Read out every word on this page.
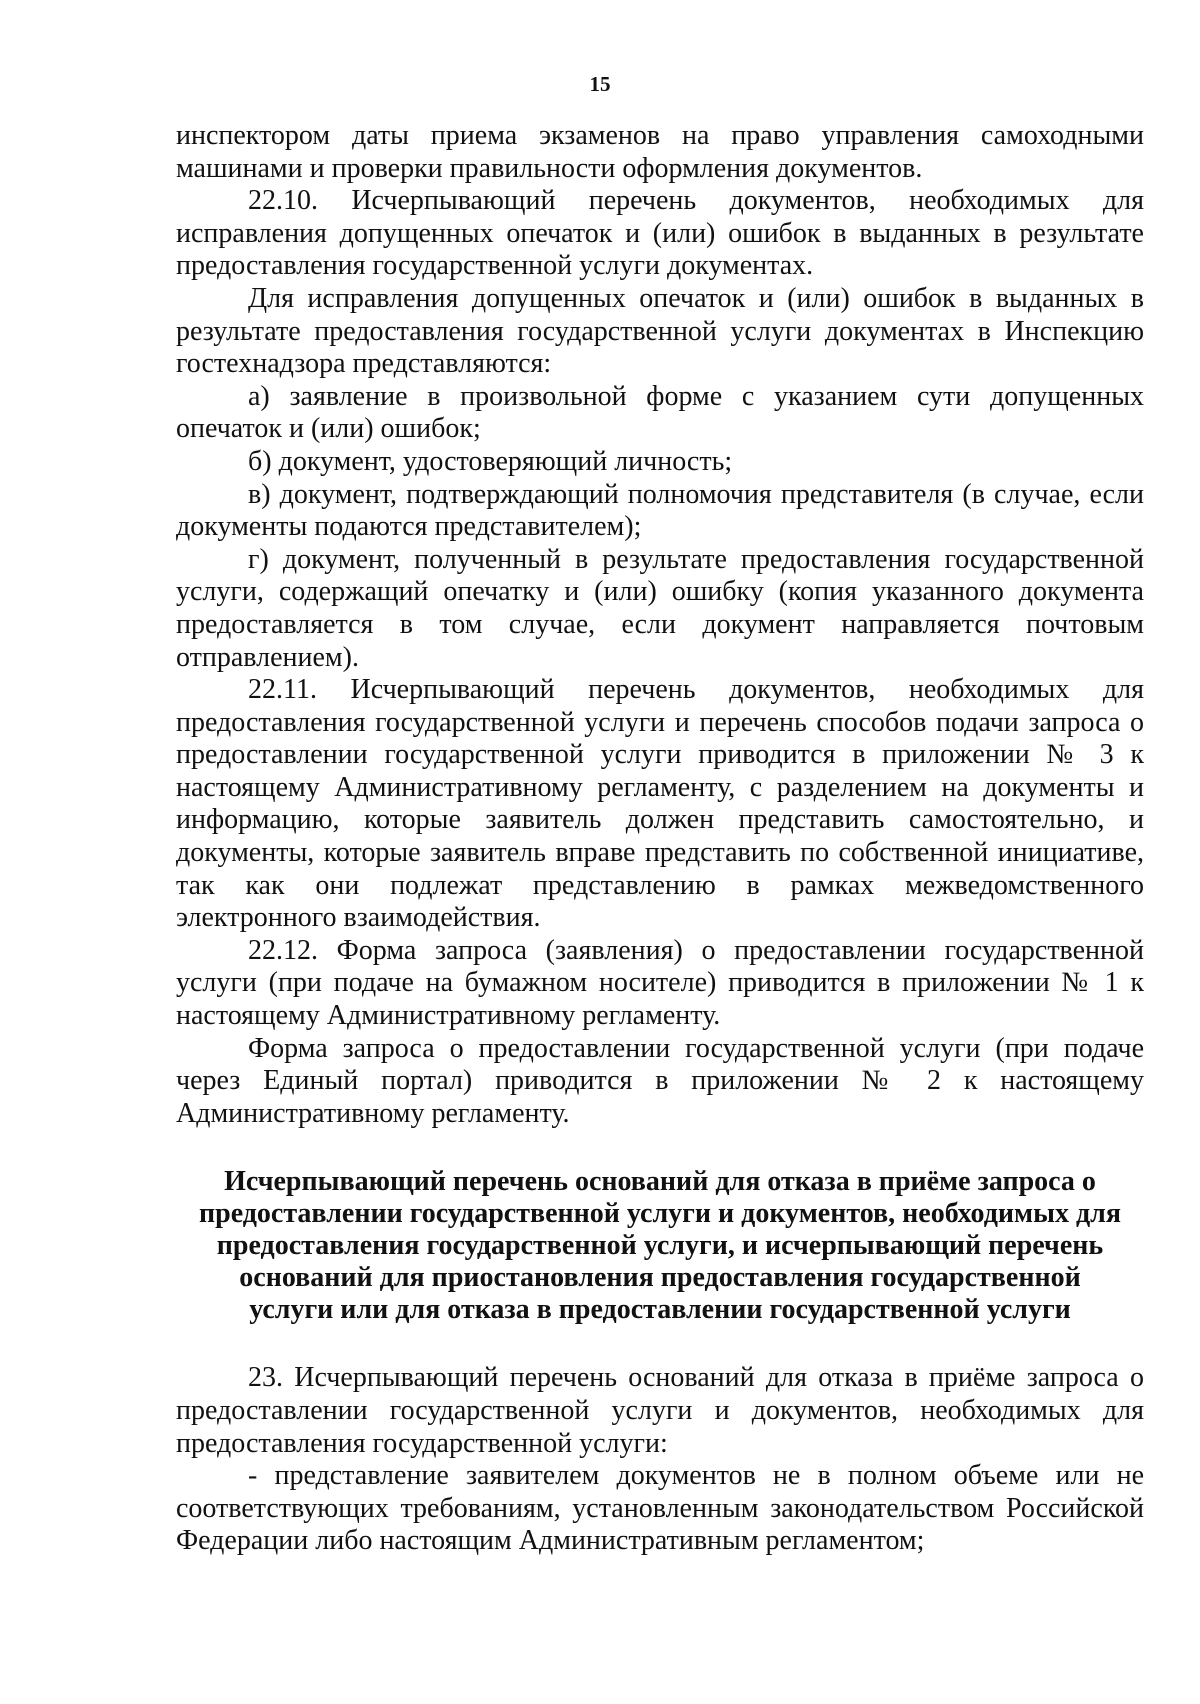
15

инспектором даты приема экзаменов на право управления самоходными машинами и проверки правильности оформления документов.

22.10. Исчерпывающий перечень документов, необходимых для исправления допущенных опечаток и (или) ошибок в выданных в результате предоставления государственной услуги документах.

Для исправления допущенных опечаток и (или) ошибок в выданных в результате предоставления государственной услуги документах в Инспекцию гостехнадзора представляются:

а) заявление в произвольной форме с указанием сути допущенных опечаток и (или) ошибок;

б) документ, удостоверяющий личность;

в) документ, подтверждающий полномочия представителя (в случае, если документы подаются представителем);

г) документ, полученный в результате предоставления государственной услуги, содержащий опечатку и (или) ошибку (копия указанного документа предоставляется в том случае, если документ направляется почтовым отправлением).

22.11. Исчерпывающий перечень документов, необходимых для предоставления государственной услуги и перечень способов подачи запроса о предоставлении государственной услуги приводится в приложении № 3 к настоящему Административному регламенту, с разделением на документы и информацию, которые заявитель должен представить самостоятельно, и документы, которые заявитель вправе представить по собственной инициативе, так как они подлежат представлению в рамках межведомственного электронного взаимодействия.

22.12. Форма запроса (заявления) о предоставлении государственной услуги (при подаче на бумажном носителе) приводится в приложении № 1 к настоящему Административному регламенту.

Форма запроса о предоставлении государственной услуги (при подаче через Единый портал) приводится в приложении № 2 к настоящему Административному регламенту.

Исчерпывающий перечень оснований для отказа в приёме запроса о предоставлении государственной услуги и документов, необходимых для предоставления государственной услуги, и исчерпывающий перечень оснований для приостановления предоставления государственной услуги или для отказа в предоставлении государственной услуги

23. Исчерпывающий перечень оснований для отказа в приёме запроса о предоставлении государственной услуги и документов, необходимых для предоставления государственной услуги:

- представление заявителем документов не в полном объеме или не соответствующих требованиям, установленным законодательством Российской Федерации либо настоящим Административным регламентом;
